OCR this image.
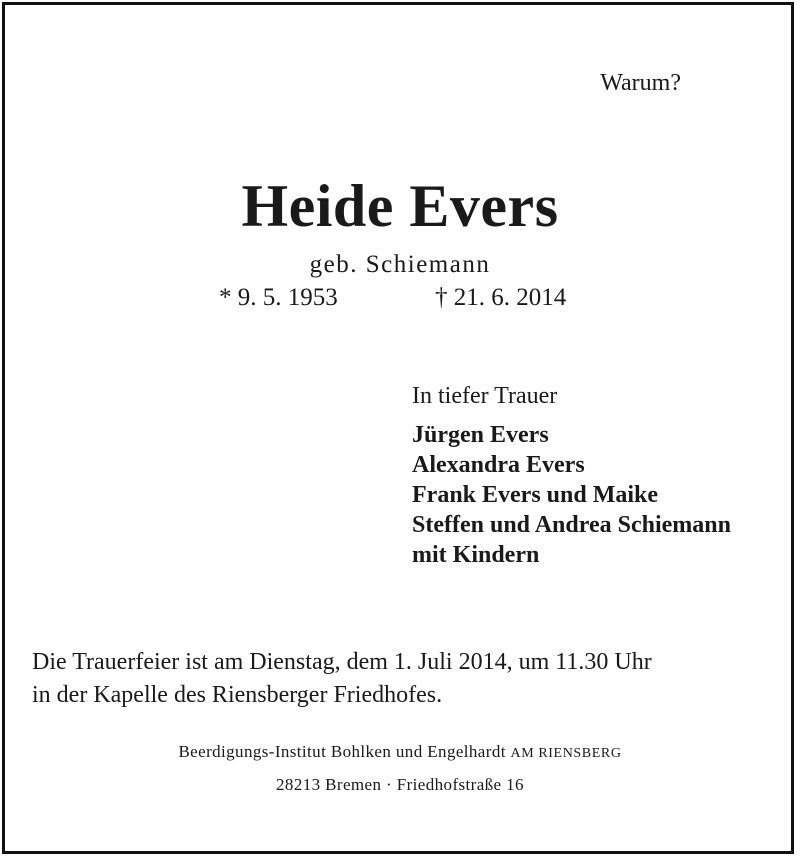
Warum?
Heide Evers
geb. Schiemann
* 9. 5. 1953	† 21. 6. 2014
In tiefer Trauer
Jürgen Evers
Alexandra Evers
Frank Evers und Maike
Steffen und Andrea Schiemann
mit Kindern
Die Trauerfeier ist am Dienstag, dem 1. Juli 2014, um 11.30 Uhr
in der Kapelle des Riensberger Friedhofes.
Beerdigungs-Institut Bohlken und Engelhardt AM RIENSBERG
28213 Bremen · Friedhofstraße 16
